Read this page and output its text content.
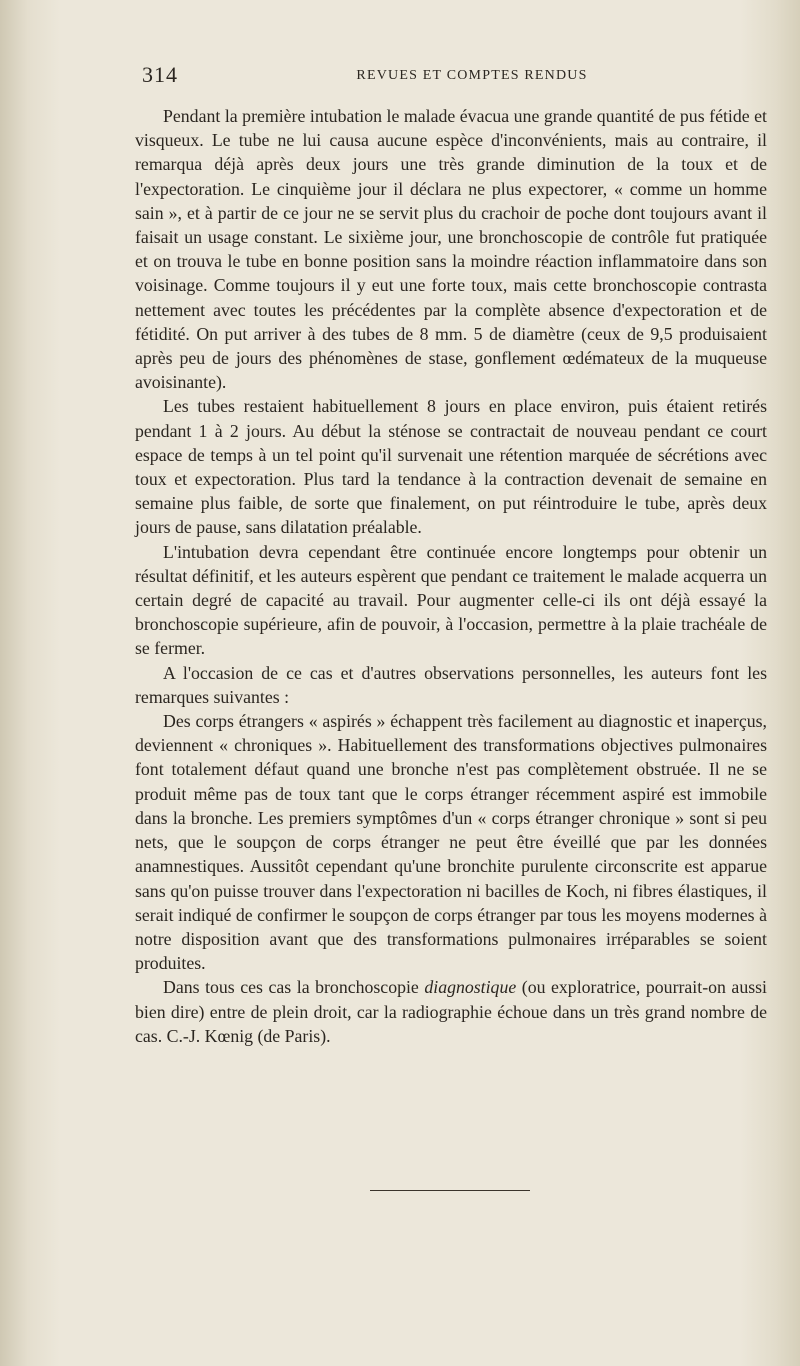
314	REVUES ET COMPTES RENDUS

Pendant la première intubation le malade évacua une grande quantité de pus fétide et visqueux. Le tube ne lui causa aucune espèce d'inconvénients, mais au contraire, il remarqua déjà après deux jours une très grande diminution de la toux et de l'expectoration. Le cinquième jour il déclara ne plus expectorer, « comme un homme sain », et à partir de ce jour ne se servit plus du crachoir de poche dont toujours avant il faisait un usage constant. Le sixième jour, une bronchoscopie de contrôle fut pratiquée et on trouva le tube en bonne position sans la moindre réaction inflammatoire dans son voisinage. Comme toujours il y eut une forte toux, mais cette bronchoscopie contrasta nettement avec toutes les précédentes par la complète absence d'expectoration et de fétidité. On put arriver à des tubes de 8 mm. 5 de diamètre (ceux de 9,5 produisaient après peu de jours des phénomènes de stase, gonflement œdémateux de la muqueuse avoisinante).

Les tubes restaient habituellement 8 jours en place environ, puis étaient retirés pendant 1 à 2 jours. Au début la sténose se contractait de nouveau pendant ce court espace de temps à un tel point qu'il survenait une rétention marquée de sécrétions avec toux et expectoration. Plus tard la tendance à la contraction devenait de semaine en semaine plus faible, de sorte que finalement, on put réintroduire le tube, après deux jours de pause, sans dilatation préalable.

L'intubation devra cependant être continuée encore longtemps pour obtenir un résultat définitif, et les auteurs espèrent que pendant ce traitement le malade acquerra un certain degré de capacité au travail. Pour augmenter celle-ci ils ont déjà essayé la bronchoscopie supérieure, afin de pouvoir, à l'occasion, permettre à la plaie trachéale de se fermer.

A l'occasion de ce cas et d'autres observations personnelles, les auteurs font les remarques suivantes :

Des corps étrangers « aspirés » échappent très facilement au diagnostic et inaperçus, deviennent « chroniques ». Habituellement des transformations objectives pulmonaires font totalement défaut quand une bronche n'est pas complètement obstruée. Il ne se produit même pas de toux tant que le corps étranger récemment aspiré est immobile dans la bronche. Les premiers symptômes d'un « corps étranger chronique » sont si peu nets, que le soupçon de corps étranger ne peut être éveillé que par les données anamnestiques. Aussitôt cependant qu'une bronchite purulente circonscrite est apparue sans qu'on puisse trouver dans l'expectoration ni bacilles de Koch, ni fibres élastiques, il serait indiqué de confirmer le soupçon de corps étranger par tous les moyens modernes à notre disposition avant que des transformations pulmonaires irréparables se soient produites.

Dans tous ces cas la bronchoscopie diagnostique (ou exploratrice, pourrait-on aussi bien dire) entre de plein droit, car la radiographie échoue dans un très grand nombre de cas. C.-J. Kœnig (de Paris).
